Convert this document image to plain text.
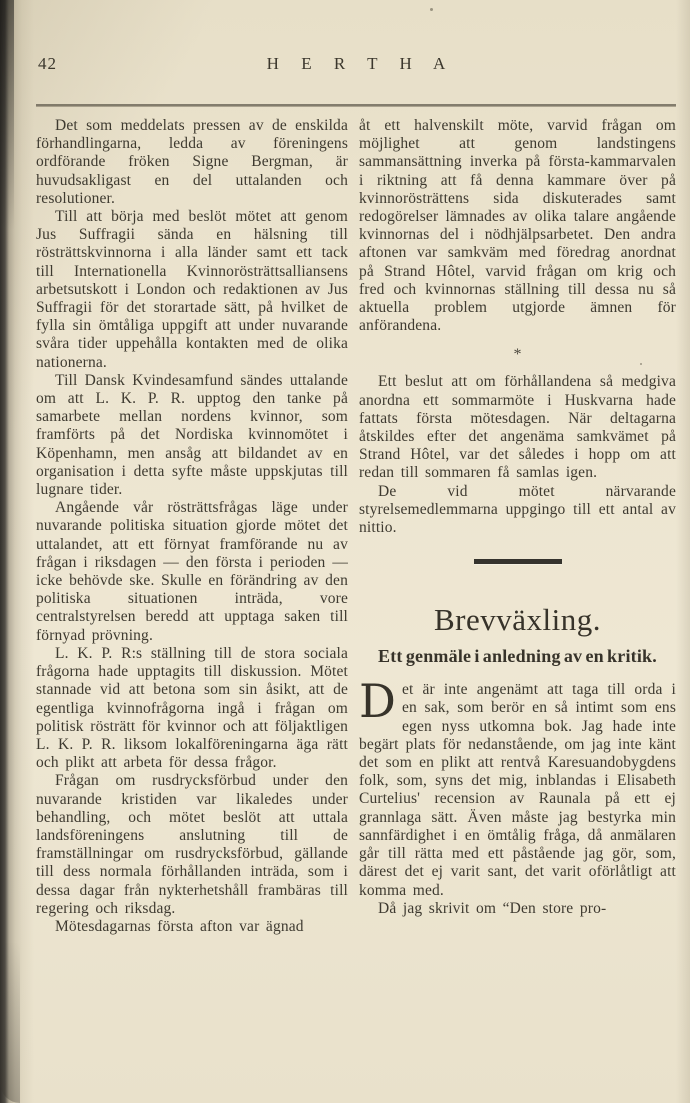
42	H E R T H A

Det som meddelats pressen av de enskilda förhandlingarna, ledda av föreningens ordförande fröken Signe Bergman, är huvudsakligast en del uttalanden och resolutioner.

Till att börja med beslöt mötet att genom Jus Suffragii sända en hälsning till rösträttskvinnorna i alla länder samt ett tack till Internationella Kvinnorösträttsalliansens arbetsutskott i London och redaktionen av Jus Suffragii för det storartade sätt, på hvilket de fylla sin ömtåliga uppgift att under nuvarande svåra tider uppehålla kontakten med de olika nationerna.

Till Dansk Kvindesamfund sändes uttalande om att L. K. P. R. upptog den tanke på samarbete mellan nordens kvinnor, som framförts på det Nordiska kvinnomötet i Köpenhamn, men ansåg att bildandet av en organisation i detta syfte måste uppskjutas till lugnare tider.

Angående vår rösträttsfrågas läge under nuvarande politiska situation gjorde mötet det uttalandet, att ett förnyat framförande nu av frågan i riksdagen — den första i perioden — icke behövde ske. Skulle en förändring av den politiska situationen inträda, vore centralstyrelsen beredd att upptaga saken till förnyad prövning.

L. K. P. R:s ställning till de stora sociala frågorna hade upptagits till diskussion. Mötet stannade vid att betona som sin åsikt, att de egentliga kvinnofrågorna ingå i frågan om politisk rösträtt för kvinnor och att följaktligen L. K. P. R. liksom lokalföreningarna äga rätt och plikt att arbeta för dessa frågor.

Frågan om rusdrycksförbud under den nuvarande kristiden var likaledes under behandling, och mötet beslöt att uttala landsföreningens anslutning till de framställningar om rusdrycksförbud, gällande till dess normala förhållanden inträda, som i dessa dagar från nykterhetshåll frambäras till regering och riksdag.

Mötesdagarnas första afton var ägnad

åt ett halvenskilt möte, varvid frågan om möjlighet att genom landstingens sammansättning inverka på första-kammarvalen i riktning att få denna kammare över på kvinnorösträttens sida diskuterades samt redogörelser lämnades av olika talare angående kvinnornas del i nödhjälpsarbetet. Den andra aftonen var samkväm med föredrag anordnat på Strand Hôtel, varvid frågan om krig och fred och kvinnornas ställning till dessa nu så aktuella problem utgjorde ämnen för anförandena.

*

Ett beslut att om förhållandena så medgiva anordna ett sommarmöte i Huskvarna hade fattats första mötesdagen. När deltagarna åtskildes efter det angenäma samkvämet på Strand Hôtel, var det således i hopp om att redan till sommaren få samlas igen.

De vid mötet närvarande styrelsemedlemmarna uppgingo till ett antal av nittio.

Brevväxling.
Ett genmäle i anledning av en kritik.

Det är inte angenämt att taga till orda i en sak, som berör en så intimt som ens egen nyss utkomna bok. Jag hade inte begärt plats för nedanstående, om jag inte känt det som en plikt att rentvå Karesuandobygdens folk, som, syns det mig, inblandas i Elisabeth Curtelius' recension av Raunala på ett ej grannlaga sätt. Även måste jag bestyrka min sannfärdighet i en ömtålig fråga, då anmälaren går till rätta med ett påstående jag gör, som, därest det ej varit sant, det varit oförlåtligt att komma med.

Då jag skrivit om “Den store pro-
